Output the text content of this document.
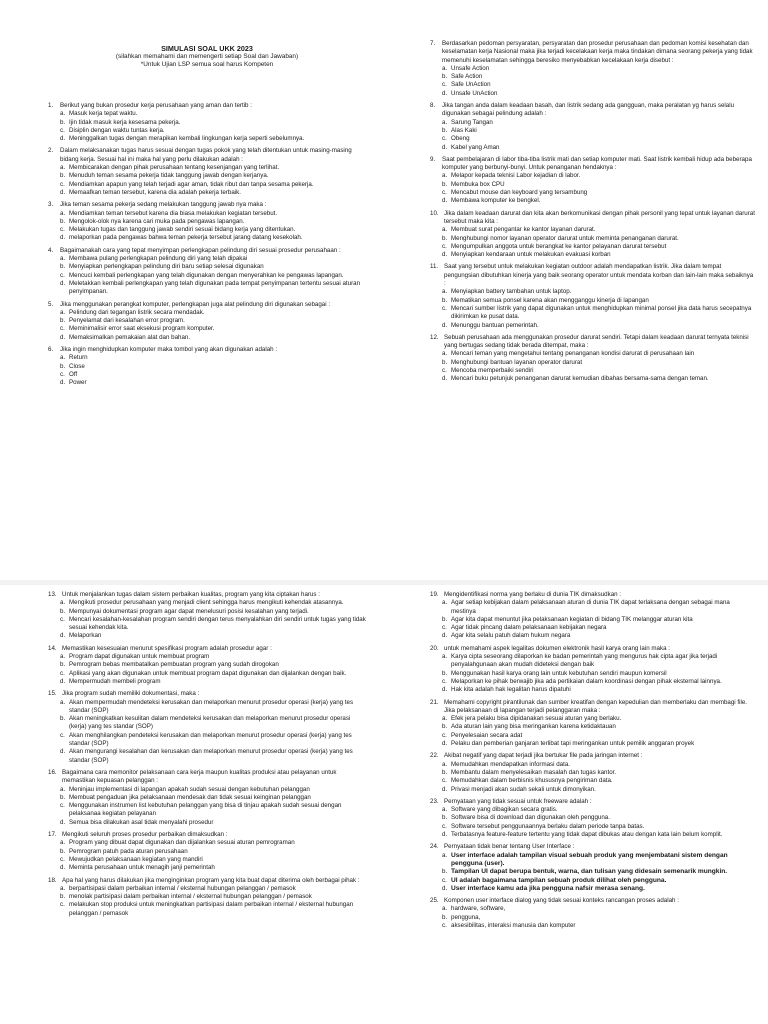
SIMULASI SOAL UKK 2023
(silahkan memahami dan memengerti setiap Soal dan Jawaban)
*Untuk Ujian LSP semua soal harus Kompeten
1.	Berikut yang bukan prosedur kerja perusahaan yang aman dan tertib :
a. Masuk kerja tepat waktu.
b. Ijin tidak masuk kerja kesesama pekerja.
c. Disiplin dengan waktu tuntas kerja.
d. Meninggalkan tugas dengan merapikan kembali lingkungan kerja seperti sebelumnya.
2.	Dalam melaksanakan tugas harus sesuai dengan tugas pokok yang telah ditentukan untuk masing-masing bidang kerja. Sesuai hal ini maka hal yang perlu dilakukan adalah :
a. Membicarakan dengan pihak perusahaan tentang kesenjangan yang terlihat.
b. Menuduh teman sesama pekerja tidak tanggung jawab dengan kerjanya.
c. Mendiamkan apapun yang telah terjadi agar aman, tidak ribut dan tanpa sesama pekerja.
d. Memaafkan teman tersebut, karena dia adalah pekerja terbaik.
3.	Jika teman sesama pekerja sedang melakukan tanggung jawab nya maka :
a. Mendiamkan teman tersebut karena dia biasa melakukan kegiatan tersebut.
b. Mengolok-olok nya karena cari muka pada pengawas lapangan.
c. Melakukan tugas dan tanggung jawab sendiri sesuai bidang kerja yang ditentukan.
d. melaporkan pada pengawas bahwa teman pekerja tersebut jarang datang kesekolah.
4.	Bagaimanakah cara yang tepat menyimpan perlengkapan pelindung diri sesuai prosedur perusahaan :
a. Membawa pulang perlengkapan pelindung diri yang telah dipakai
b. Menyiapkan perlengkapan pelindung diri baru setiap selesai digunakan
c. Mencuci kembali perlengkapan yang telah digunakan dengan menyerahkan ke pengawas lapangan.
d. Meletakkan kembali perlengkapan yang telah digunakan pada tempat penyimpanan tertentu sesuai aturan penyimpanan.
5.	Jika menggunakan perangkat komputer, perlengkapan juga alat pelindung diri digunakan sebagai :
a. Pelindung dari tegangan listrik secara mendadak.
b. Penyelamat dari kesalahan error program.
c. Meminimalisir error saat eksekusi program komputer.
d. Memaksimalkan pemakaian alat dan bahan.
6.	Jika ingin menghidupkan komputer maka tombol yang akan digunakan adalah :
a. Return
b. Close
c. Off
d. Power
7.	Berdasarkan pedoman persyaratan, persyaratan dan prosedur perusahaan dan pedoman komisi kesehatan dan keselamatan kerja Nasional maka jika terjadi kecelakaan kerja maka tindakan dimana seorang pekerja yang tidak memenuhi keselamatan sehingga beresiko menyebabkan kecelakaan kerja disebut :
a. Unsafe Action
b. Safe Action
c. Safe UnAction
d. Unsafe UnAction
8.	Jika tangan anda dalam keadaan basah, dan listrik sedang ada gangguan, maka peralatan yg harus selalu digunakan sebagai pelindung adalah :
a. Sarung Tangan
b. Alas Kaki
c. Obeng
d. Kabel yang Aman
9.	Saat pembelajaran di labor tiba-tiba listrik mati dan setiap komputer mati. Saat listrik kembali hidup ada beberapa komputer yang berbunyi-bunyi. Untuk penanganan hendaknya :
a. Melapor kepada teknisi Labor kejadian di labor.
b. Membuka box CPU
c. Mencabut mouse dan keyboard yang tersambung
d. Membawa komputer ke bengkel.
10. Jika dalam keadaan darurat dan kita akan berkomunikasi dengan pihak personil yang tepat untuk layanan darurat tersebut maka kita :
a. Membuat surat pengantar ke kantor layanan darurat.
b. Menghubungi nomor layanan operator darurat untuk meminta penanganan darurat.
c. Mengumpulkan anggota untuk berangkat ke kantor pelayanan darurat tersebut
d. Menyiapkan kendaraan untuk melakukan evakuasi korban
11. Saat yang tersebut untuk melakukan kegiatan outdoor adalah mendapatkan listrik. Jika dalam tempat pengungsian dibutuhkan kinerja yang baik seorang operator untuk mendata korban dan lain-lain maka sebaiknya :
a. Menyiapkan battery tambahan untuk laptop.
b. Mematikan semua ponsel karena akan mengganggu kinerja di lapangan
c. Mencari sumber listrik yang dapat digunakan untuk menghidupkan minimal ponsel jika data harus secepatnya dikirimkan ke pusat data.
d. Menunggu bantuan pemerintah.
12. Sebuah perusahaan ada menggunakan prosedur darurat sendiri. Tetapi dalam keadaan darurat ternyata teknisi yang bertugas sedang tidak berada ditempat, maka :
a. Mencari teman yang mengetahui tentang penanganan kondisi darurat di perusahaan lain
b. Menghubungi bantuan layanan operator darurat
c. Mencoba memperbaiki sendiri
d. Mencari buku petunjuk penanganan darurat kemudian dibahas bersama-sama dengan teman.
13. Untuk menjalankan tugas dalam sistem perbaikan kualitas, program yang kita ciptakan harus :
a. Mengikuti prosedur perusahaan yang menjadi client sehingga harus mengikuti kehendak atasannya.
b. Mempunyai dokumentasi program agar dapat menelusuri posisi kesalahan yang terjadi.
c. Mencari kesalahan-kesalahan program sendiri dengan terus menyalahkan diri sendiri untuk tugas yang tidak sesuai kehendak kita.
d. Melaporkan
14. Memastikan kesesuaian menurut spesifikasi program adalah prosedur agar :
a. Program dapat digunakan untuk membuat program
b. Pemrogram bebas membatalkan pembuatan program yang sudah dirogokan
c. Aplikasi yang akan digunakan untuk membuat program dapat digunakan dan dijalankan dengan baik.
d. Mempermudah membeli program
15. Jika program sudah memiliki dokumentasi, maka :
a. Akan mempermudah mendeteksi kerusakan dan melaporkan menurut prosedur operasi (kerja) yang tes standar (SOP)
b. Akan meningkatkan kesulitan dalam mendeteksi kerusakan dan melaporkan menurut prosedur operasi (kerja) yang tes standar (SOP)
c. Akan menghilangkan pendeteksi kerusakan dan melaporkan menurut prosedur operasi (kerja) yang tes standar (SOP)
d. Akan mengurangi kesalahan dan kerusakan dan melaporkan menurut prosedur operasi (kerja) yang tes standar (SOP)
16. Bagaimana cara memonitor pelaksanaan cara kerja maupun kualitas produksi atau pelayanan untuk memastikan kepuasan pelanggan :
a. Meninjau implementasi di lapangan apakah sudah sesuai dengan kebutuhan pelanggan
b. Membuat pengaduan jika pelaksanaan mendesak dan tidak sesuai keinginan pelanggan
c. Menggunakan instrumen list kebutuhan pelanggan yang bisa di tinjau apakah sudah sesuai dengan pelaksanaa kegiatan pelayanan
d. Semua bisa dilakukan asal tidak menyalahi prosedur
17. Mengikuti seluruh proses prosedur perbaikan dimaksudkan :
a. Program yang dibuat dapat digunakan dan dijalankan sesuai aturan pemrograman
b. Pemrogram patuh pada aturan perusahaan
c. Mewujudkan pelaksanaan kegiatan yang mandiri
d. Meminta perusahaan untuk menagih janji pemerintah
18. Apa hal yang harus dilakukan jika menginginkan program yang kita buat dapat diterima oleh berbagai pihak :
a. berpartisipasi dalam perbaikan internal / eksternal hubungan pelanggan / pemasok
b. menolak partisipasi dalam perbaikan internal / eksternal hubungan pelanggan / pemasok
c. melakukan stop produksi untuk meningkatkan partisipasi dalam perbaikan internal / eksternal hubungan pelanggan / pemasok
19. Mengidentifikasi norma yang berlaku di dunia TIK dimaksudkan :
a. Agar setiap kebijakan dalam pelaksanaan aturan di dunia TIK dapat terlaksana dengan sebagai mana mestinya
b. Agar kita dapat menuntut jika pelaksanaan kegiatan di bidang TIK melanggar aturan kita
c. Agar tidak pincang dalam pelaksanaan kebijakan negara
d. Agar kita selalu patuh dalam hukum negara
20. untuk memahami aspek legalitas dokumen elektronik hasil karya orang lain maka :
a. Karya cipta seseorang dilaporkan ke badan pemerintah yang mengurus hak cipta agar jika terjadi penyalahgunaan akan mudah dideteksi dengan baik
b. Menggunakan hasil karya orang lain untuk kebutuhan sendiri maupun komersil
c. Melaporkan ke pihak berwajib jika ada pertikaian dalam koordinasi dengan pihak eksternal lainnya.
d. Hak kita adalah hak legalitan harus dipatuhi
21. Memahami copyright pirantilunak dan sumber kreatifan dengan kepedulian dan memberlaku dan membagi file. Jika pelaksanaan di lapangan terjadi pelanggaran maka :
a. Efek jera pelaku bisa dipidanakan sesuai aturan yang berlaku.
b. Ada aturan lain yang bisa meringankan karena ketidaktauan
c. Penyelesaian secara adat
d. Pelaku dan pemberian ganjaran terlibat tapi meringankan untuk pemilik anggaran proyek
22. Akibat negatif yang dapat terjadi jika bertukar file pada jaringan internet :
a. Memudahkan mendapatkan informasi data.
b. Membantu dalam menyelesaikan masalah dan tugas kantor.
c. Memudahkan dalam berbisnis khususnya pengiriman data.
d. Privasi menjadi akan sudah sekali untuk dimonyikan.
23. Pernyataan yang tidak sesuai untuk freeware adalah :
a. Software yang dibagikan secara gratis.
b. Software bisa di download dan digunakan oleh pengguna.
c. Software tersebut penggunaannya berlaku dalam periode tanpa batas.
d. Terbatasnya feature-feature tertentu yang tidak dapat dibukas atau dengan kata lain belum komplit.
24. Pernyataan tidak benar tentang User Interface :
a. User interface adalah tampilan visual sebuah produk yang menjembatani sistem dengan pengguna (user).
b. Tampilan UI dapat berupa bentuk, warna, dan tulisan yang didesain semenarik mungkin.
c. UI adalah bagaimana tampilan sebuah produk dilihat oleh pengguna.
d. User interface kamu ada jika pengguna nafsir merasa senang.
25. Komponen user interface dialog yang tidak sesuai konteks rancangan proses adalah :
a. hardware, software,
b. pengguna,
c. aksesibilitas, interaksi manusia dan komputer
